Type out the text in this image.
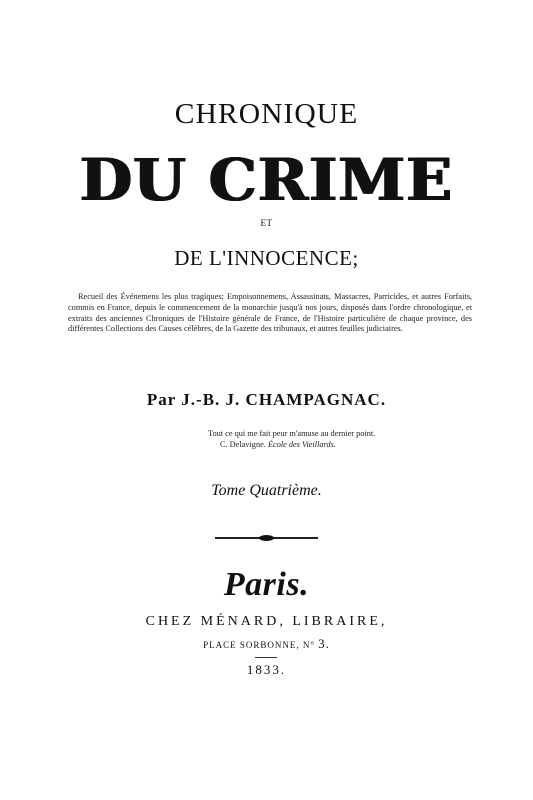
CHRONIQUE
DU CRIME
ET
DE L'INNOCENCE;
Recueil des Événemens les plus tragiques; Empoisonnemens, Assassinats, Massacres, Parricides, et autres Forfaits, commis en France, depuis le commencement de la monarchie jusqu'à nos jours, disposés dans l'ordre chronologique, et extraits des anciennes Chroniques de l'Histoire générale de France, de l'Histoire particulière de chaque province, des différentes Collections des Causes célèbres, de la Gazette des tribunaux, et autres feuilles judiciaires.
Par J.-B. J. CHAMPAGNAC.
Tout ce qui me fait peur m'amuse au dernier point.
C. Delavigne. École des Vieillards.
Tome Quatrième.
Paris.
CHEZ MÉNARD, LIBRAIRE,
PLACE SORBONNE, N° 3.
1833.
